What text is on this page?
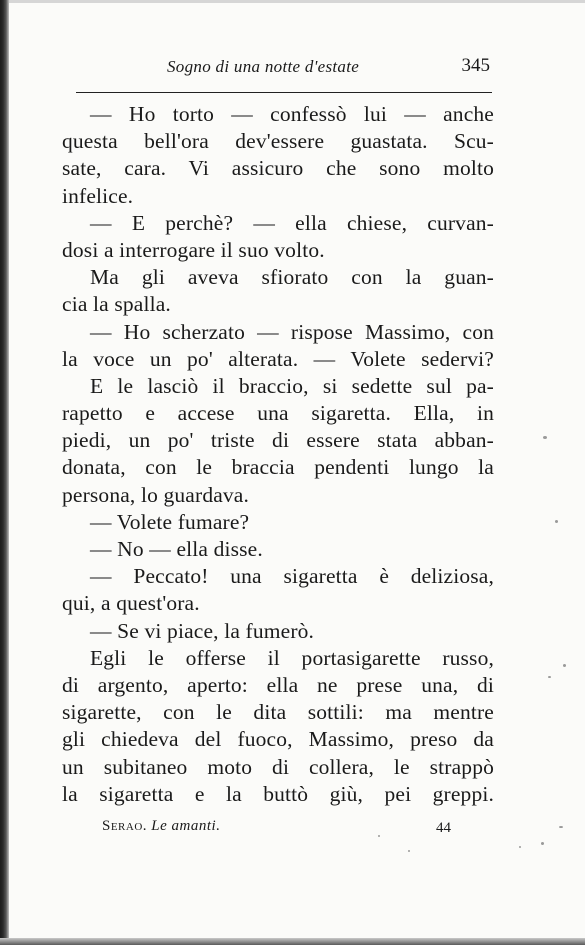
Sogno di una notte d'estate	345
— Ho torto — confessò lui — anche
questa bell'ora dev'essere guastata. Scu-
sate, cara. Vi assicuro che sono molto
infelice.
— E perchè? — ella chiese, curvan-
dosi a interrogare il suo volto.
Ma gli aveva sfiorato con la guan-
cia la spalla.
— Ho scherzato — rispose Massimo, con
la voce un po' alterata. — Volete sedervi?
E le lasciò il braccio, si sedette sul pa-
rapetto e accese una sigaretta. Ella, in
piedi, un po' triste di essere stata abban-
donata, con le braccia pendenti lungo la
persona, lo guardava.
— Volete fumare?
— No — ella disse.
— Peccato! una sigaretta è deliziosa,
qui, a quest'ora.
— Se vi piace, la fumerò.
Egli le offerse il portasigarette russo,
di argento, aperto: ella ne prese una, di
sigarette, con le dita sottili: ma mentre
gli chiedeva del fuoco, Massimo, preso da
un subitaneo moto di collera, le strappò
la sigaretta e la buttò giù, pei greppi.
Serao. Le amanti.	44
